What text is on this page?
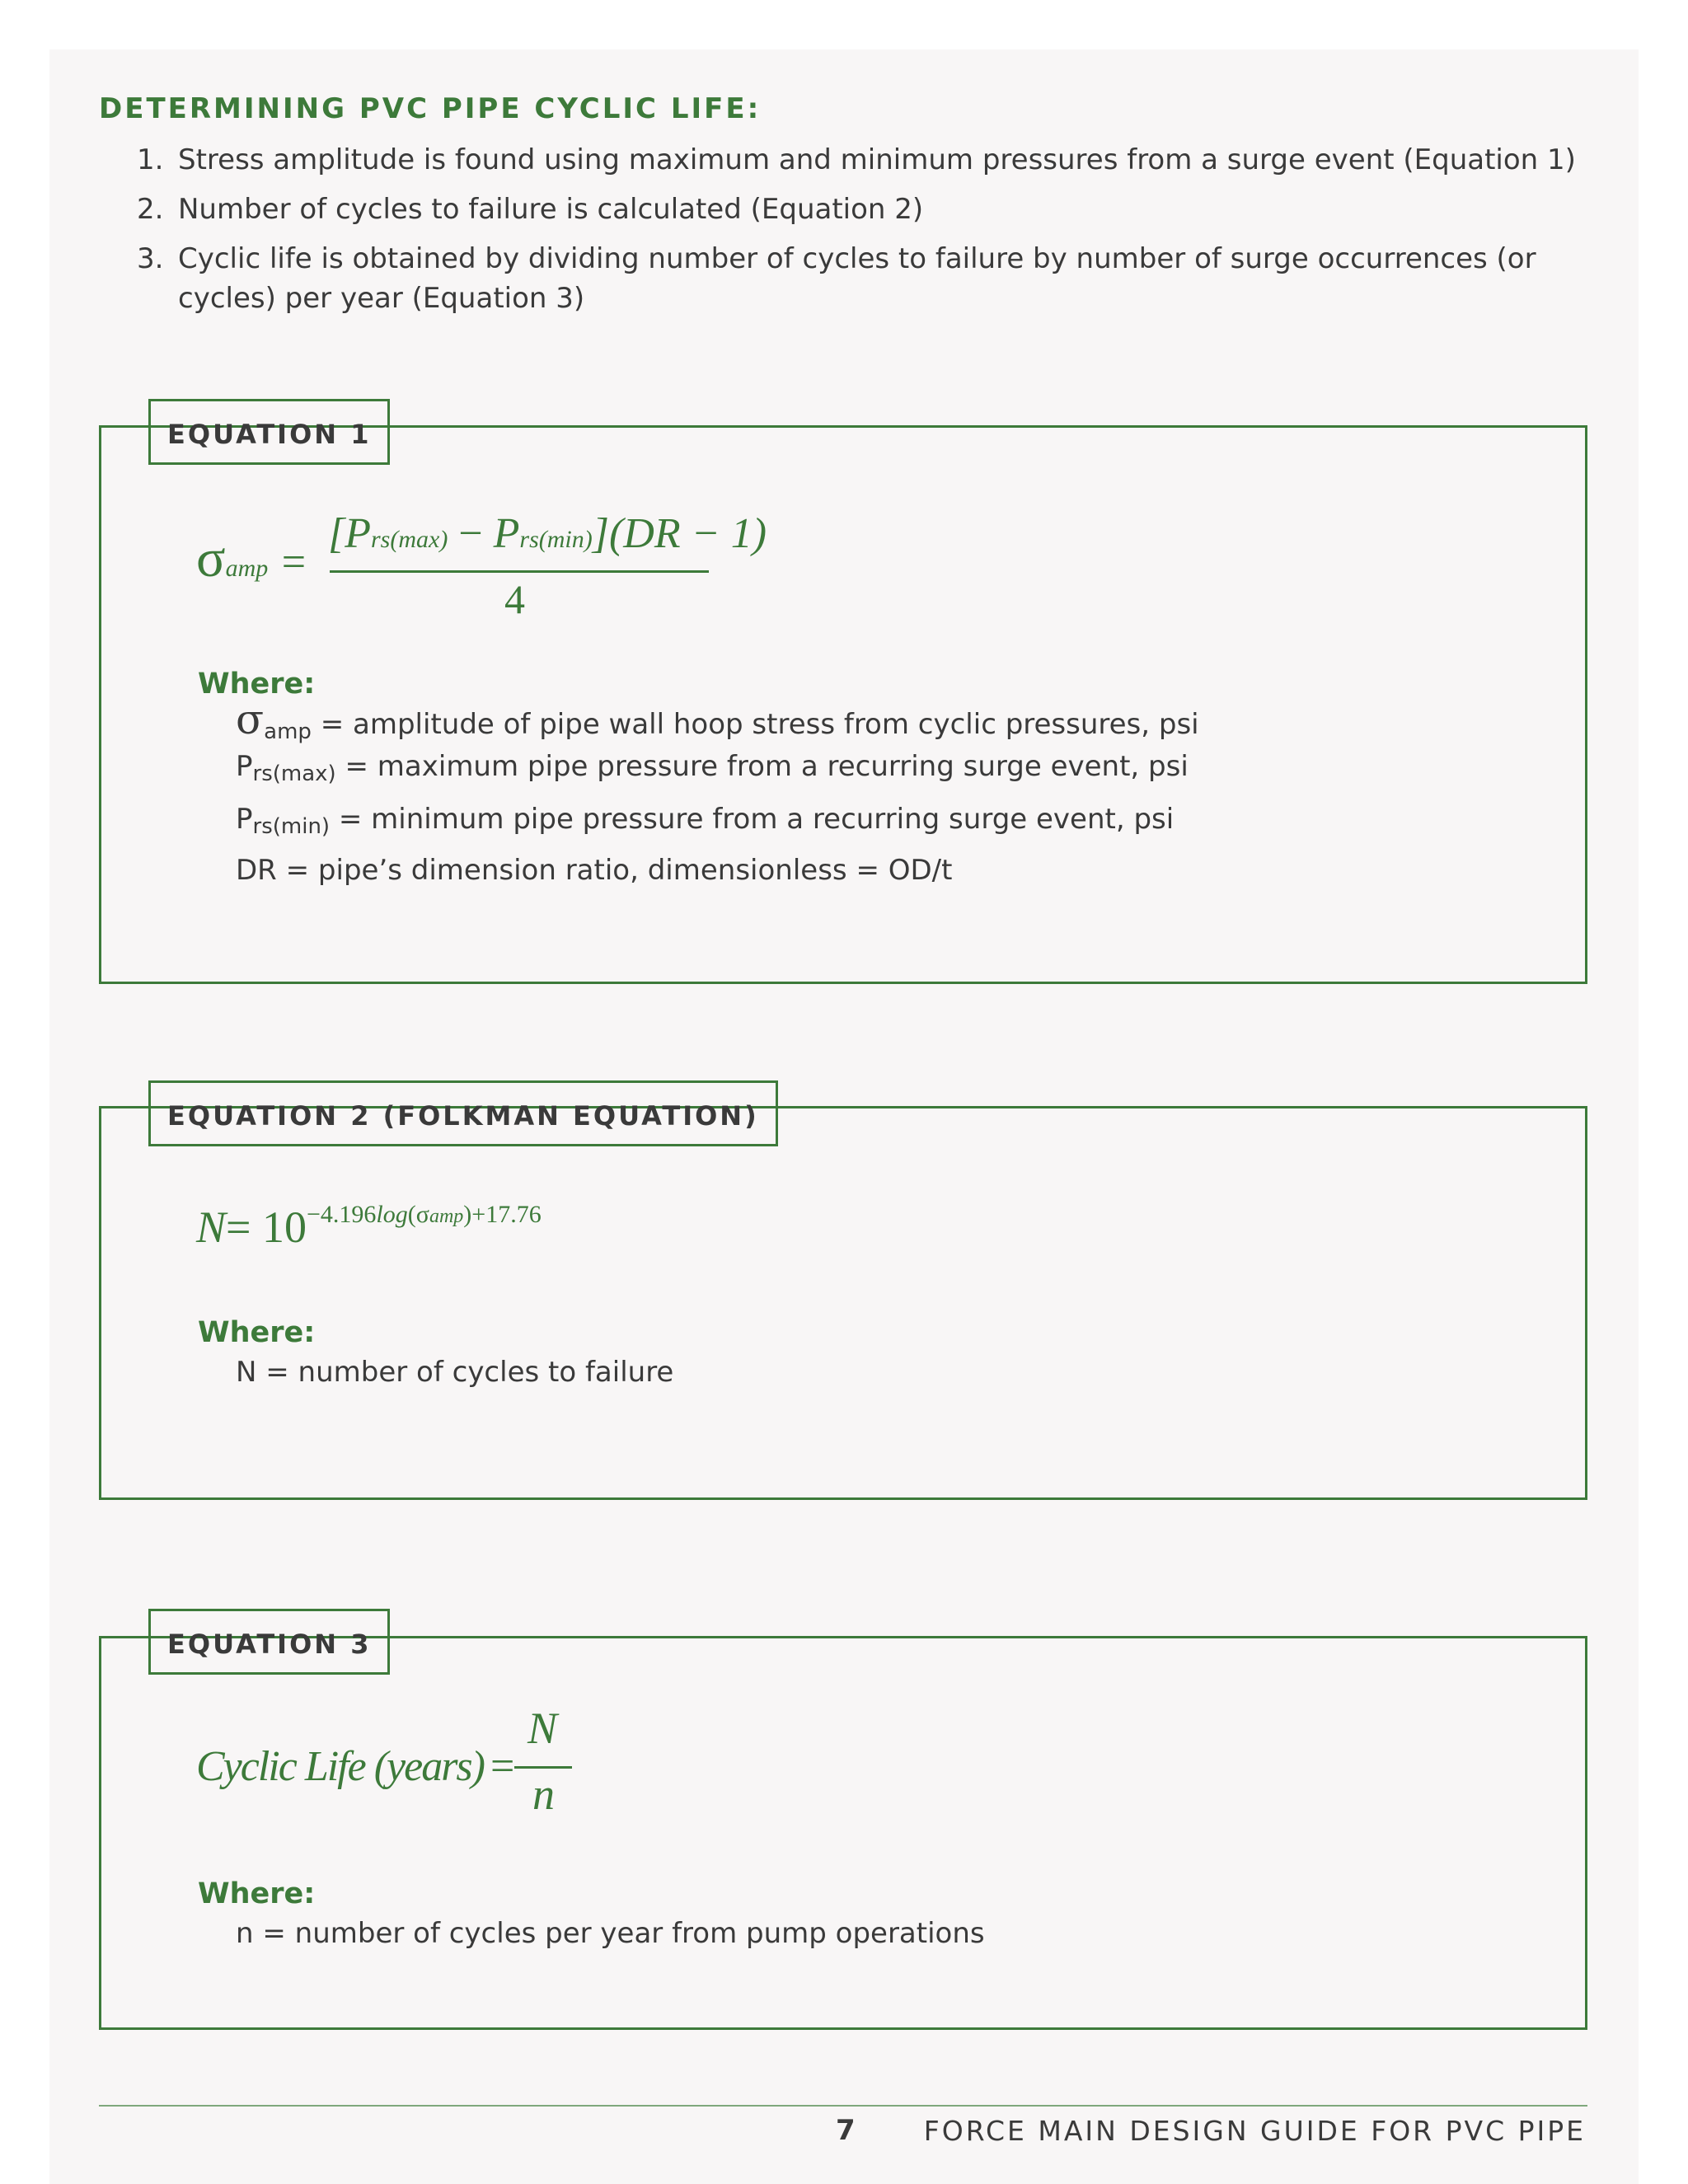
DETERMINING PVC PIPE CYCLIC LIFE:
1. Stress amplitude is found using maximum and minimum pressures from a surge event (Equation 1)
2. Number of cycles to failure is calculated (Equation 2)
3. Cyclic life is obtained by dividing number of cycles to failure by number of surge occurrences (or cycles) per year (Equation 3)
EQUATION 1
σamp =
[Prs(max) − Prs(min)](DR − 1)
4
Where:
$\sigma_{amp}$ = amplitude of pipe wall hoop stress from cyclic pressures, psi
$P_{rs(max)}$ = maximum pipe pressure from a recurring surge event, psi
$P_{rs(min)}$ = minimum pipe pressure from a recurring surge event, psi
DR = pipe’s dimension ratio, dimensionless = OD/t
EQUATION 2 (FOLKMAN EQUATION)
$N= 10^{-4.196log(\sigma amp)+17.76}$
Where:
N = number of cycles to failure
EQUATION 3
Cyclic Life (years) =
N
n
Where:
n = number of cycles per year from pump operations
7	FORCE MAIN DESIGN GUIDE FOR PVC PIPE
